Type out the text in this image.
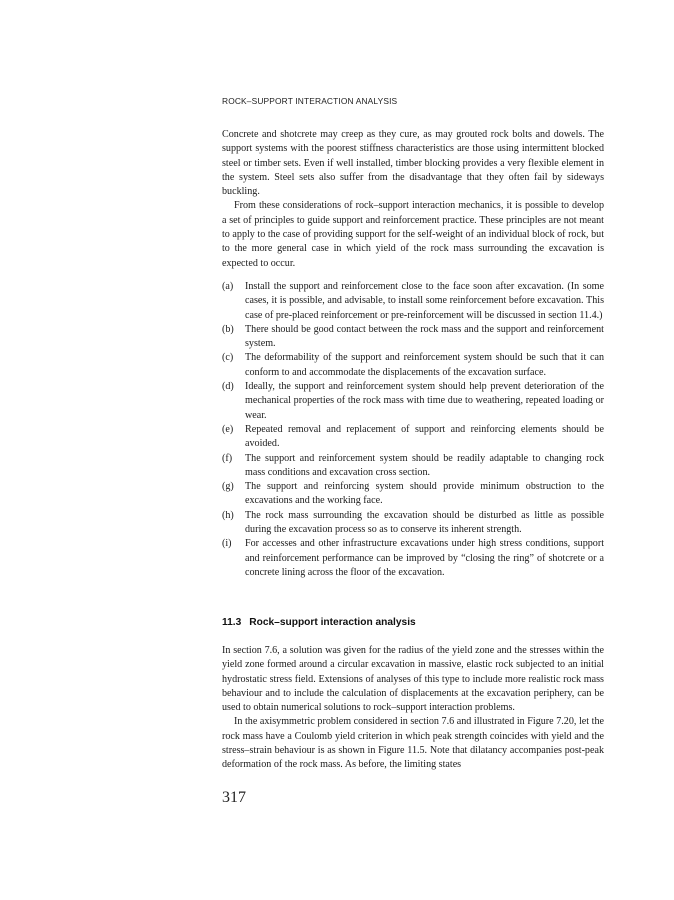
ROCK–SUPPORT INTERACTION ANALYSIS

Concrete and shotcrete may creep as they cure, as may grouted rock bolts and dowels. The support systems with the poorest stiffness characteristics are those using intermittent blocked steel or timber sets. Even if well installed, timber blocking provides a very flexible element in the system. Steel sets also suffer from the disadvantage that they often fail by sideways buckling.

From these considerations of rock–support interaction mechanics, it is possible to develop a set of principles to guide support and reinforcement practice. These principles are not meant to apply to the case of providing support for the self-weight of an individual block of rock, but to the more general case in which yield of the rock mass surrounding the excavation is expected to occur.

(a)	Install the support and reinforcement close to the face soon after excavation. (In some cases, it is possible, and advisable, to install some reinforcement before excavation. This case of pre-placed reinforcement or pre-reinforcement will be discussed in section 11.4.)
(b)	There should be good contact between the rock mass and the support and reinforcement system.
(c)	The deformability of the support and reinforcement system should be such that it can conform to and accommodate the displacements of the excavation surface.
(d)	Ideally, the support and reinforcement system should help prevent deterioration of the mechanical properties of the rock mass with time due to weathering, repeated loading or wear.
(e)	Repeated removal and replacement of support and reinforcing elements should be avoided.
(f)	The support and reinforcement system should be readily adaptable to changing rock mass conditions and excavation cross section.
(g)	The support and reinforcing system should provide minimum obstruction to the excavations and the working face.
(h)	The rock mass surrounding the excavation should be disturbed as little as possible during the excavation process so as to conserve its inherent strength.
(i)	For accesses and other infrastructure excavations under high stress conditions, support and reinforcement performance can be improved by “closing the ring” of shotcrete or a concrete lining across the floor of the excavation.
11.3 Rock–support interaction analysis

In section 7.6, a solution was given for the radius of the yield zone and the stresses within the yield zone formed around a circular excavation in massive, elastic rock subjected to an initial hydrostatic stress field. Extensions of analyses of this type to include more realistic rock mass behaviour and to include the calculation of displacements at the excavation periphery, can be used to obtain numerical solutions to rock–support interaction problems.

In the axisymmetric problem considered in section 7.6 and illustrated in Figure 7.20, let the rock mass have a Coulomb yield criterion in which peak strength coincides with yield and the stress–strain behaviour is as shown in Figure 11.5. Note that dilatancy accompanies post-peak deformation of the rock mass. As before, the limiting states

317
